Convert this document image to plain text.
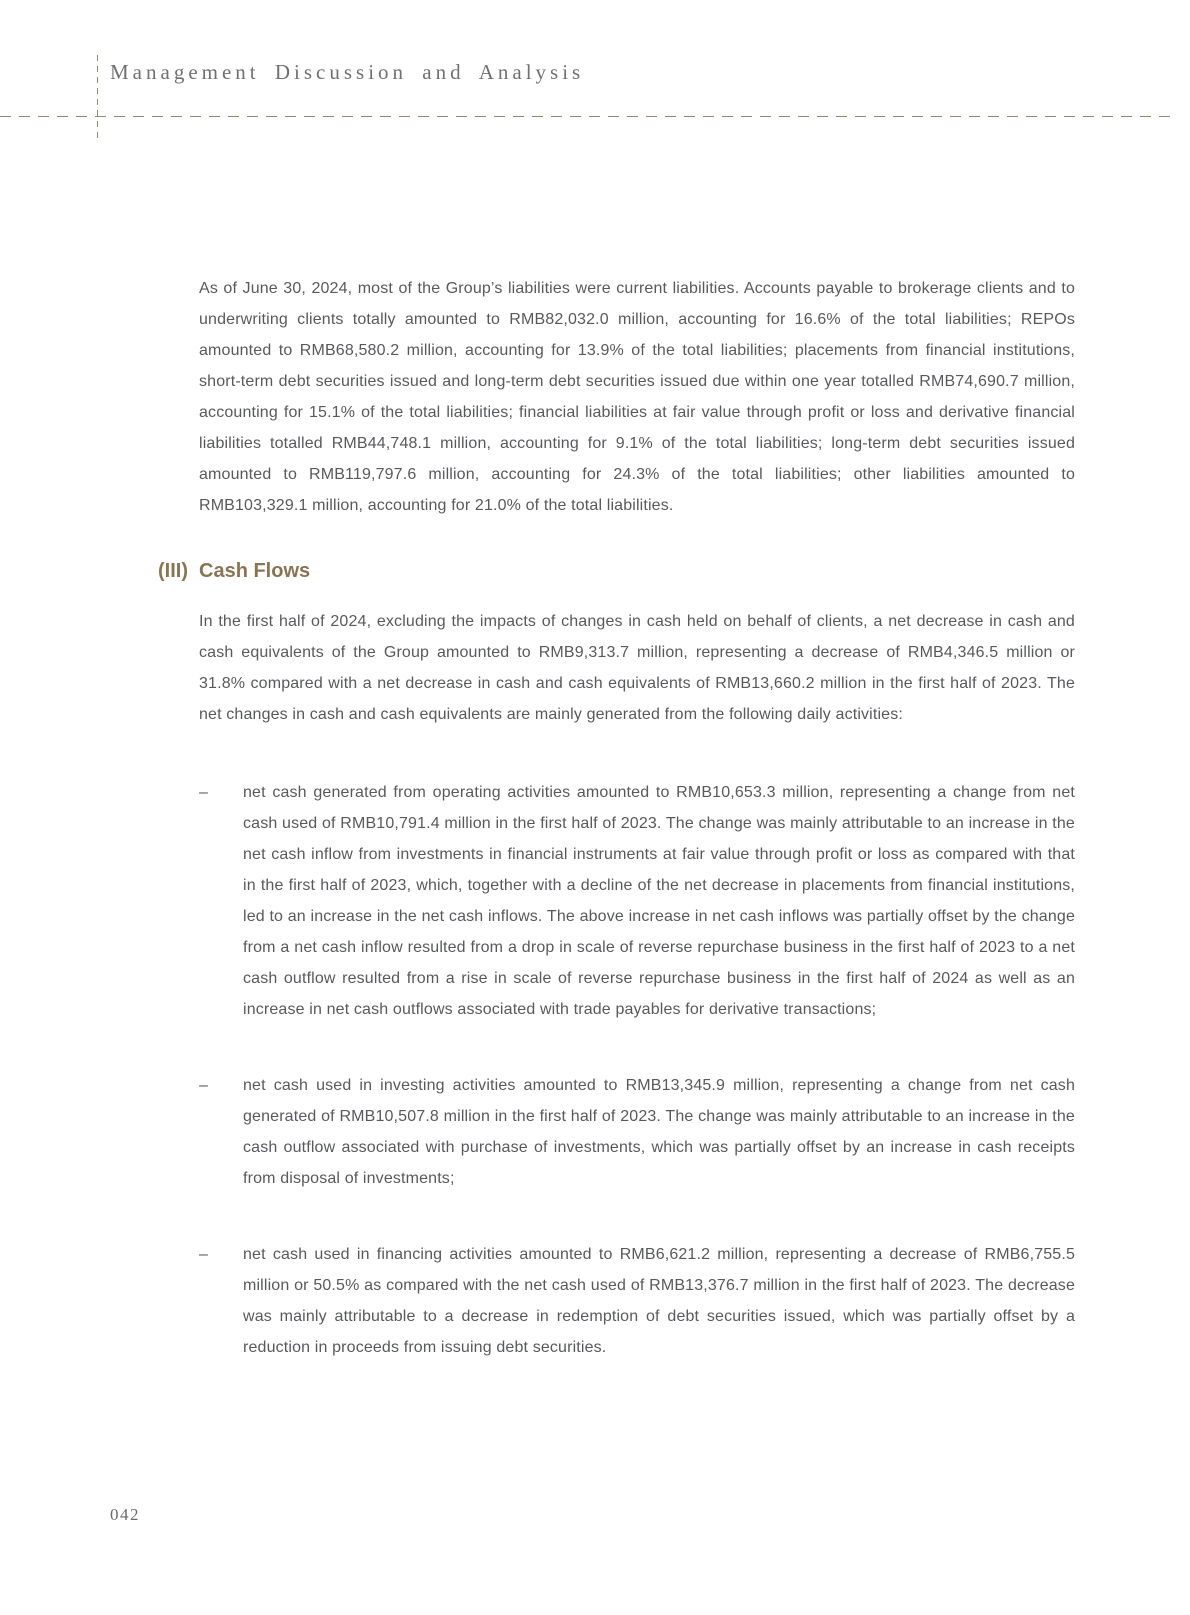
Management Discussion and Analysis

As of June 30, 2024, most of the Group’s liabilities were current liabilities. Accounts payable to brokerage clients and to underwriting clients totally amounted to RMB82,032.0 million, accounting for 16.6% of the total liabilities; REPOs amounted to RMB68,580.2 million, accounting for 13.9% of the total liabilities; placements from financial institutions, short-term debt securities issued and long-term debt securities issued due within one year totalled RMB74,690.7 million, accounting for 15.1% of the total liabilities; financial liabilities at fair value through profit or loss and derivative financial liabilities totalled RMB44,748.1 million, accounting for 9.1% of the total liabilities; long-term debt securities issued amounted to RMB119,797.6 million, accounting for 24.3% of the total liabilities; other liabilities amounted to RMB103,329.1 million, accounting for 21.0% of the total liabilities.

(III) Cash Flows

In the first half of 2024, excluding the impacts of changes in cash held on behalf of clients, a net decrease in cash and cash equivalents of the Group amounted to RMB9,313.7 million, representing a decrease of RMB4,346.5 million or 31.8% compared with a net decrease in cash and cash equivalents of RMB13,660.2 million in the first half of 2023. The net changes in cash and cash equivalents are mainly generated from the following daily activities:

–	net cash generated from operating activities amounted to RMB10,653.3 million, representing a change from net cash used of RMB10,791.4 million in the first half of 2023. The change was mainly attributable to an increase in the net cash inflow from investments in financial instruments at fair value through profit or loss as compared with that in the first half of 2023, which, together with a decline of the net decrease in placements from financial institutions, led to an increase in the net cash inflows. The above increase in net cash inflows was partially offset by the change from a net cash inflow resulted from a drop in scale of reverse repurchase business in the first half of 2023 to a net cash outflow resulted from a rise in scale of reverse repurchase business in the first half of 2024 as well as an increase in net cash outflows associated with trade payables for derivative transactions;
–	net cash used in investing activities amounted to RMB13,345.9 million, representing a change from net cash generated of RMB10,507.8 million in the first half of 2023. The change was mainly attributable to an increase in the cash outflow associated with purchase of investments, which was partially offset by an increase in cash receipts from disposal of investments;
–	net cash used in financing activities amounted to RMB6,621.2 million, representing a decrease of RMB6,755.5 million or 50.5% as compared with the net cash used of RMB13,376.7 million in the first half of 2023. The decrease was mainly attributable to a decrease in redemption of debt securities issued, which was partially offset by a reduction in proceeds from issuing debt securities.
042
